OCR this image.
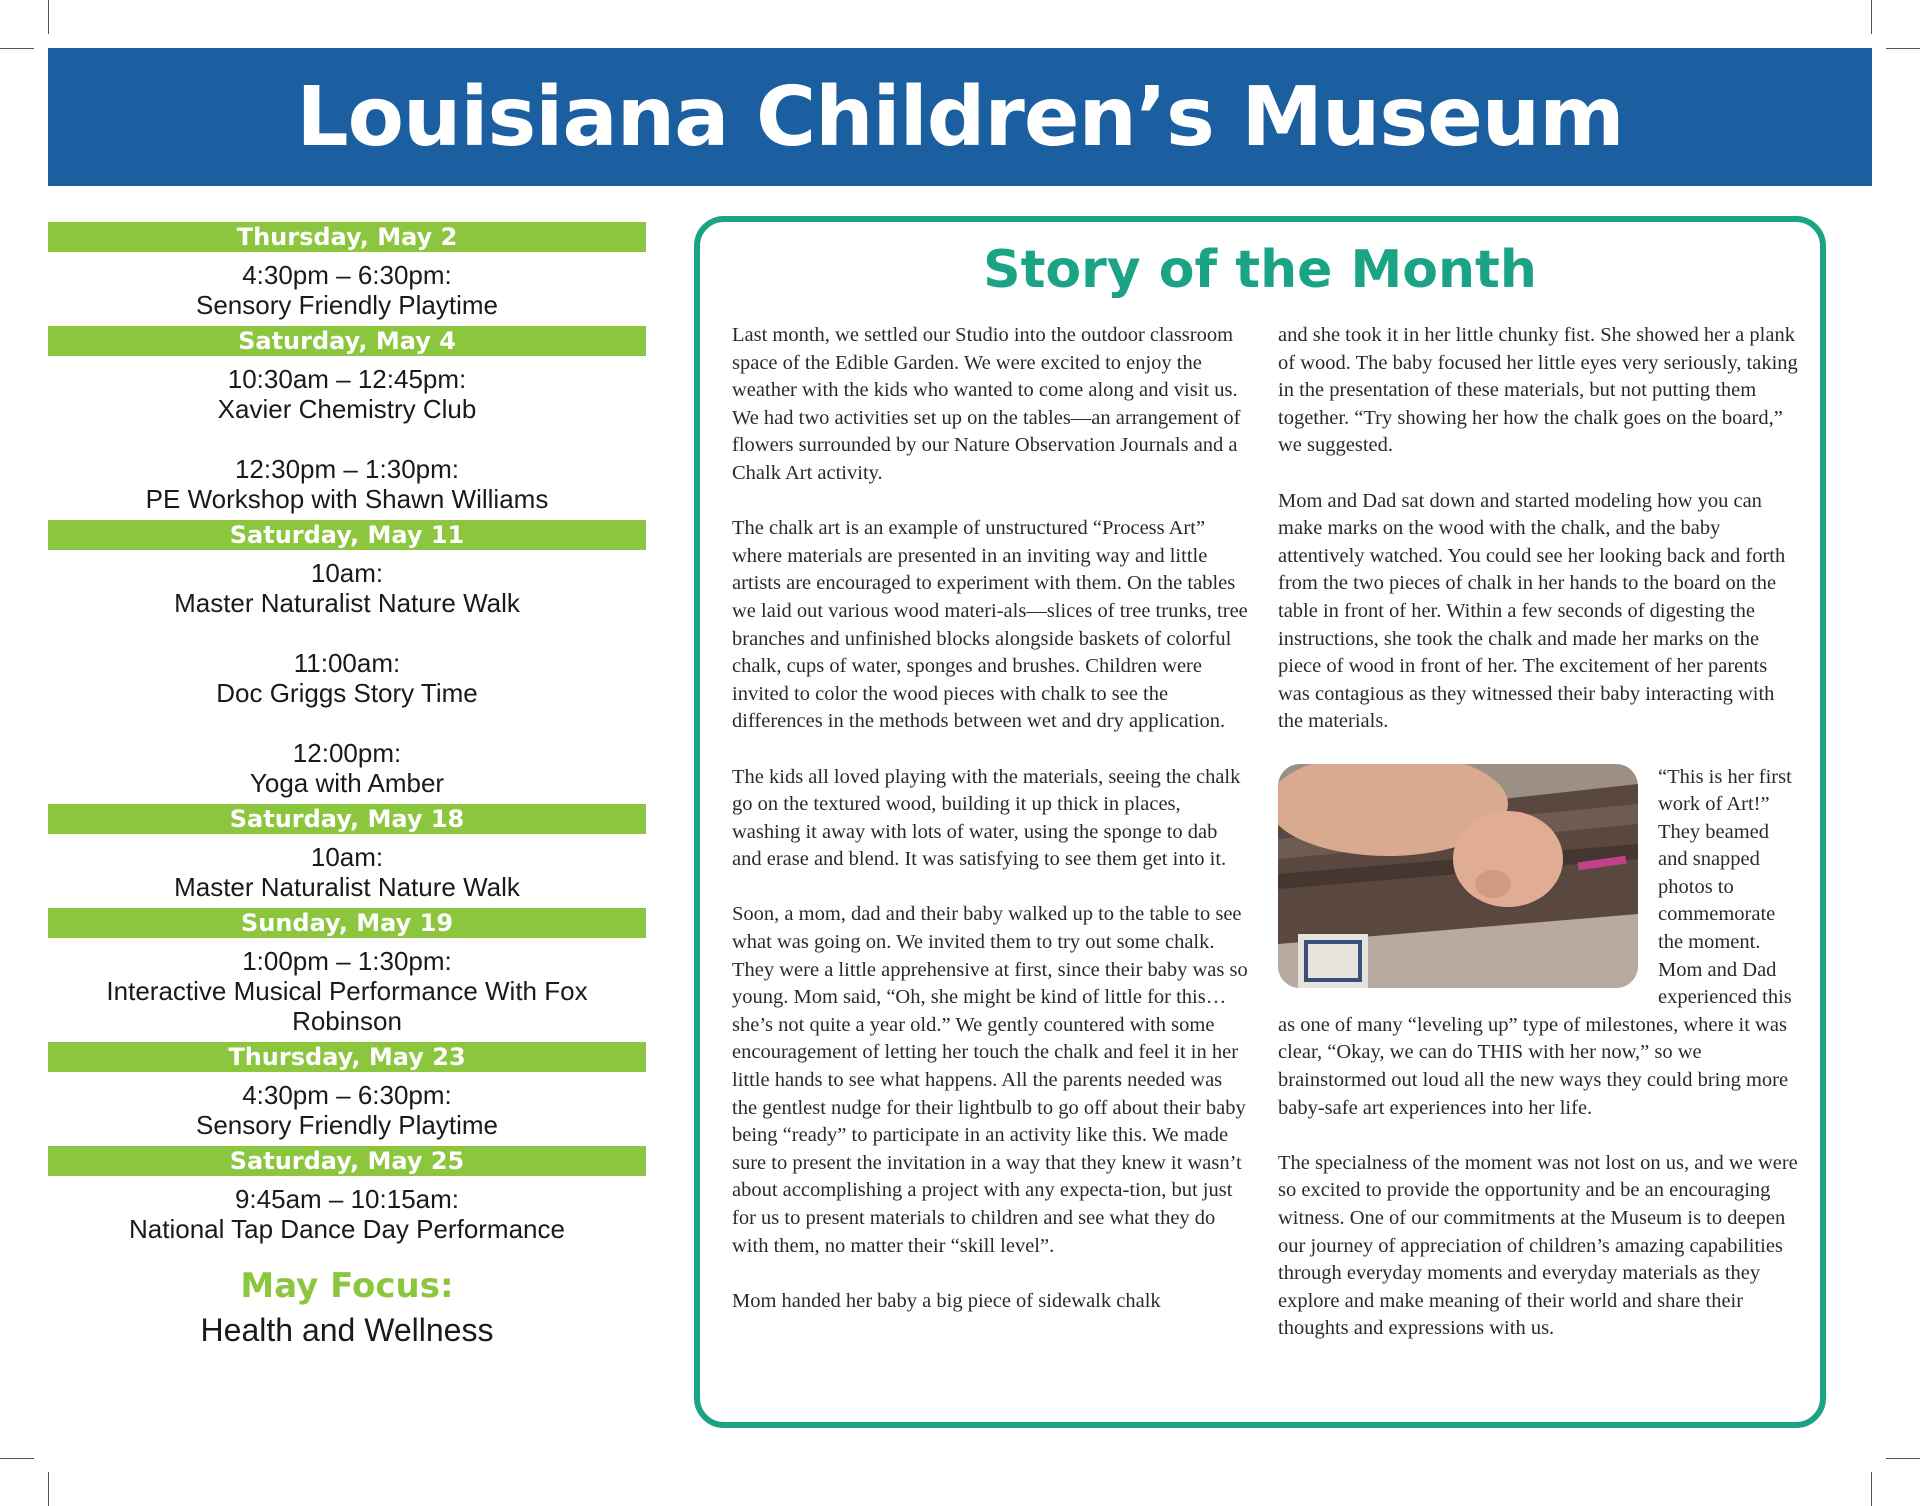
Louisiana Children’s Museum
Thursday, May 2
4:30pm – 6:30pm:
Sensory Friendly Playtime
Saturday, May 4
10:30am – 12:45pm:
Xavier Chemistry Club
12:30pm – 1:30pm:
PE Workshop with Shawn Williams
Saturday, May 11
10am:
Master Naturalist Nature Walk
11:00am:
Doc Griggs Story Time
12:00pm:
Yoga with Amber
Saturday, May 18
10am:
Master Naturalist Nature Walk
Sunday, May 19
1:00pm – 1:30pm:
Interactive Musical Performance With Fox Robinson
Thursday, May 23
4:30pm – 6:30pm:
Sensory Friendly Playtime
Saturday, May 25
9:45am – 10:15am:
National Tap Dance Day Performance
May Focus:
Health and Wellness
Story of the Month

Last month, we settled our Studio into the outdoor classroom space of the Edible Garden. We were excited to enjoy the weather with the kids who wanted to come along and visit us. We had two activities set up on the tables—an arrangement of flowers surrounded by our Nature Observation Journals and a Chalk Art activity.

The chalk art is an example of unstructured “Process Art” where materials are presented in an inviting way and little artists are encouraged to experiment with them. On the tables we laid out various wood materi-als—slices of tree trunks, tree branches and unfinished blocks alongside baskets of colorful chalk, cups of water, sponges and brushes. Children were invited to color the wood pieces with chalk to see the differences in the methods between wet and dry application.

The kids all loved playing with the materials, seeing the chalk go on the textured wood, building it up thick in places, washing it away with lots of water, using the sponge to dab and erase and blend. It was satisfying to see them get into it.

Soon, a mom, dad and their baby walked up to the table to see what was going on. We invited them to try out some chalk. They were a little apprehensive at first, since their baby was so young. Mom said, “Oh, she might be kind of little for this…she’s not quite a year old.” We gently countered with some encouragement of letting her touch the chalk and feel it in her little hands to see what happens. All the parents needed was the gentlest nudge for their lightbulb to go off about their baby being “ready” to participate in an activity like this. We made sure to present the invitation in a way that they knew it wasn’t about accomplishing a project with any expecta-tion, but just for us to present materials to children and see what they do with them, no matter their “skill level”.

Mom handed her baby a big piece of sidewalk chalk

and she took it in her little chunky fist. She showed her a plank of wood. The baby focused her little eyes very seriously, taking in the presentation of these materials, but not putting them together. “Try showing her how the chalk goes on the board,” we suggested.

Mom and Dad sat down and started modeling how you can make marks on the wood with the chalk, and the baby attentively watched. You could see her looking back and forth from the two pieces of chalk in her hands to the board on the table in front of her. Within a few seconds of digesting the instructions, she took the chalk and made her marks on the piece of wood in front of her. The excitement of her parents was contagious as they witnessed their baby interacting with the materials.

“This is her first work of Art!” They beamed and snapped photos to commemorate the moment. Mom and Dad experienced this as one of many “leveling up” type of milestones, where it was clear, “Okay, we can do THIS with her now,” so we brainstormed out loud all the new ways they could bring more baby-safe art experiences into her life.

The specialness of the moment was not lost on us, and we were so excited to provide the opportunity and be an encouraging witness. One of our commitments at the Museum is to deepen our journey of appreciation of children’s amazing capabilities through everyday moments and everyday materials as they explore and make meaning of their world and share their thoughts and expressions with us.
